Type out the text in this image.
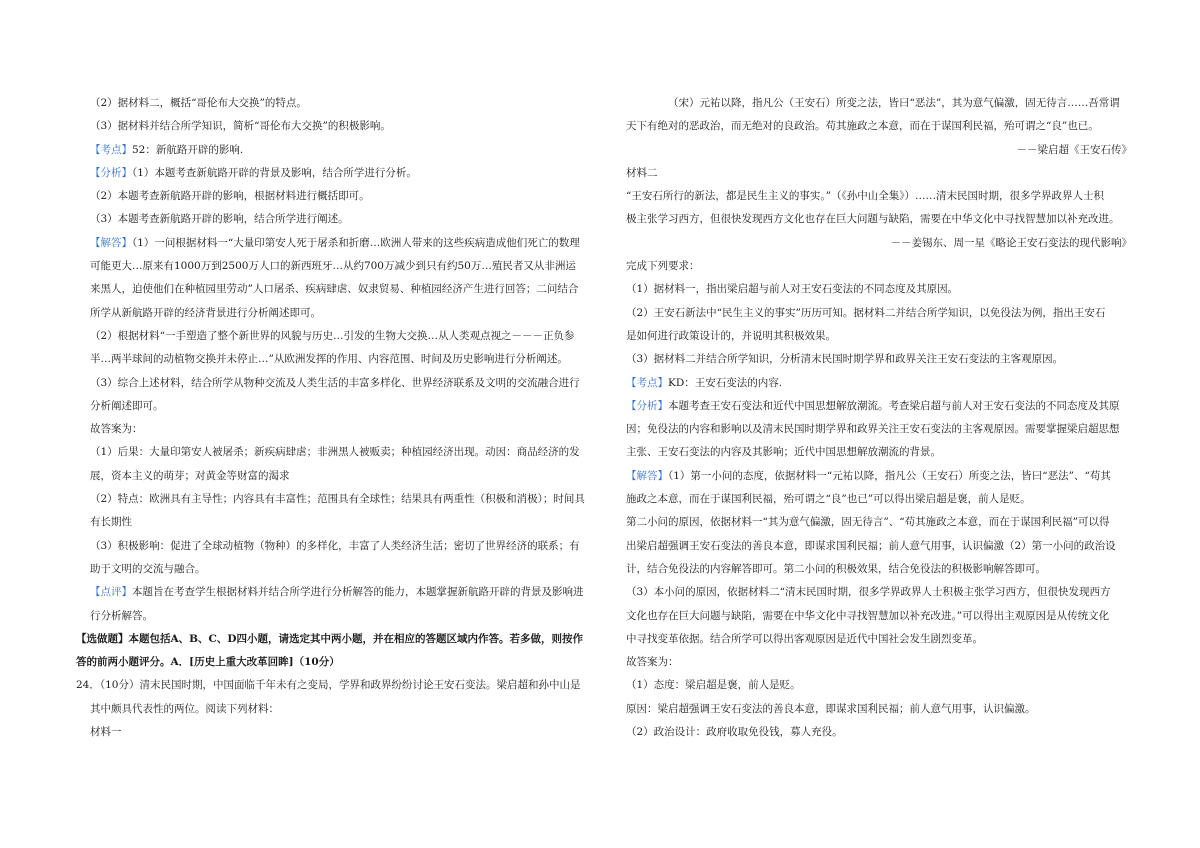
（2）据材料二，概括“哥伦布大交换”的特点。
（3）据材料并结合所学知识，简析“哥伦布大交换”的积极影响。
【考点】52：新航路开辟的影响.
【分析】（1）本题考查新航路开辟的背景及影响，结合所学进行分析。
（2）本题考查新航路开辟的影响，根据材料进行概括即可。
（3）本题考查新航路开辟的影响，结合所学进行阐述。
【解答】（1）一问根据材料一“大量印第安人死于屠杀和折磨…欧洲人带来的这些疾病造成他们死亡的数理
可能更大…原来有1000万到2500万人口的新西班牙…从约700万减少到只有约50万…殖民者又从非洲运
来黑人，迫使他们在种植园里劳动”人口屠杀、疾病肆虐、奴隶贸易、种植园经济产生进行回答；二问结合
所学从新航路开辟的经济背景进行分析阐述即可。
（2）根据材料“一手塑造了整个新世界的风貌与历史…引发的生物大交换…从人类观点视之－－－正负参
半…两半球间的动植物交换并未停止…”从欧洲发挥的作用、内容范围、时间及历史影响进行分析阐述。
（3）综合上述材料，结合所学从物种交流及人类生活的丰富多样化、世界经济联系及文明的交流融合进行
分析阐述即可。
故答案为：
（1）后果：大量印第安人被屠杀；新疾病肆虐；非洲黑人被贩卖；种植园经济出现。动因：商品经济的发
展，资本主义的萌芽；对黄金等财富的渴求
（2）特点：欧洲具有主导性；内容具有丰富性；范围具有全球性；结果具有两重性（积极和消极）；时间具
有长期性
（3）积极影响：促进了全球动植物（物种）的多样化，丰富了人类经济生活；密切了世界经济的联系；有
助于文明的交流与融合。
【点评】本题旨在考查学生根据材料并结合所学进行分析解答的能力，本题掌握新航路开辟的背景及影响进
行分析解答。
【选做题】本题包括A、B、C、D四小题，请选定其中两小题，并在相应的答题区域内作答。若多做，则按作
答的前两小题评分。A．[历史上重大改革回眸]（10分）
24．（10分）清末民国时期，中国面临千年未有之变局，学界和政界纷纷讨论王安石变法。梁启超和孙中山是
其中颇具代表性的两位。阅读下列材料：
材料一
（宋）元祐以降，指凡公（王安石）所变之法，皆曰“恶法”，其为意气偏激，固无待言……吾常谓
天下有绝对的恶政治，而无绝对的良政治。苟其施政之本意，而在于谋国利民福，殆可谓之“良”也已。
－－梁启超《王安石传》
材料二
“王安石所行的新法，都是民生主义的事实。”（《孙中山全集》）……清末民国时期，很多学界政界人士积
极主张学习西方，但很快发现西方文化也存在巨大问题与缺陷，需要在中华文化中寻找智慧加以补充改进。
－－姜锡东、周一星《略论王安石变法的现代影响》
完成下列要求：
（1）据材料一，指出梁启超与前人对王安石变法的不同态度及其原因。
（2）王安石新法中“民生主义的事实”历历可知。据材料二并结合所学知识，以免役法为例，指出王安石
是如何进行政策设计的，并说明其积极效果。
（3）据材料二并结合所学知识，分析清末民国时期学界和政界关注王安石变法的主客观原因。
【考点】KD：王安石变法的内容.
【分析】本题考查王安石变法和近代中国思想解放潮流。考查梁启超与前人对王安石变法的不同态度及其原
因；免役法的内容和影响以及清末民国时期学界和政界关注王安石变法的主客观原因。需要掌握梁启超思想
主张、王安石变法的内容及其影响；近代中国思想解放潮流的背景。
【解答】（1）第一小问的态度，依据材料一“元祐以降，指凡公（王安石）所变之法，皆曰“恶法”、“苟其
施政之本意，而在于谋国利民福，殆可谓之“良”也已”可以得出梁启超是褒，前人是贬。
第二小问的原因，依据材料一“其为意气偏激，固无待言”、“苟其施政之本意，而在于谋国利民福”可以得
出梁启超强调王安石变法的善良本意，即谋求国利民福；前人意气用事，认识偏激（2）第一小问的政治设
计，结合免役法的内容解答即可。第二小问的积极效果，结合免役法的积极影响解答即可。
（3）本小问的原因，依据材料二“清末民国时期，很多学界政界人士积极主张学习西方，但很快发现西方
文化也存在巨大问题与缺陷，需要在中华文化中寻找智慧加以补充改进。”可以得出主观原因是从传统文化
中寻找变革依据。结合所学可以得出客观原因是近代中国社会发生剧烈变革。
故答案为：
（1）态度：梁启超是褒，前人是贬。
原因：梁启超强调王安石变法的善良本意，即谋求国利民福；前人意气用事，认识偏激。
（2）政治设计：政府收取免役钱，募人充役。
